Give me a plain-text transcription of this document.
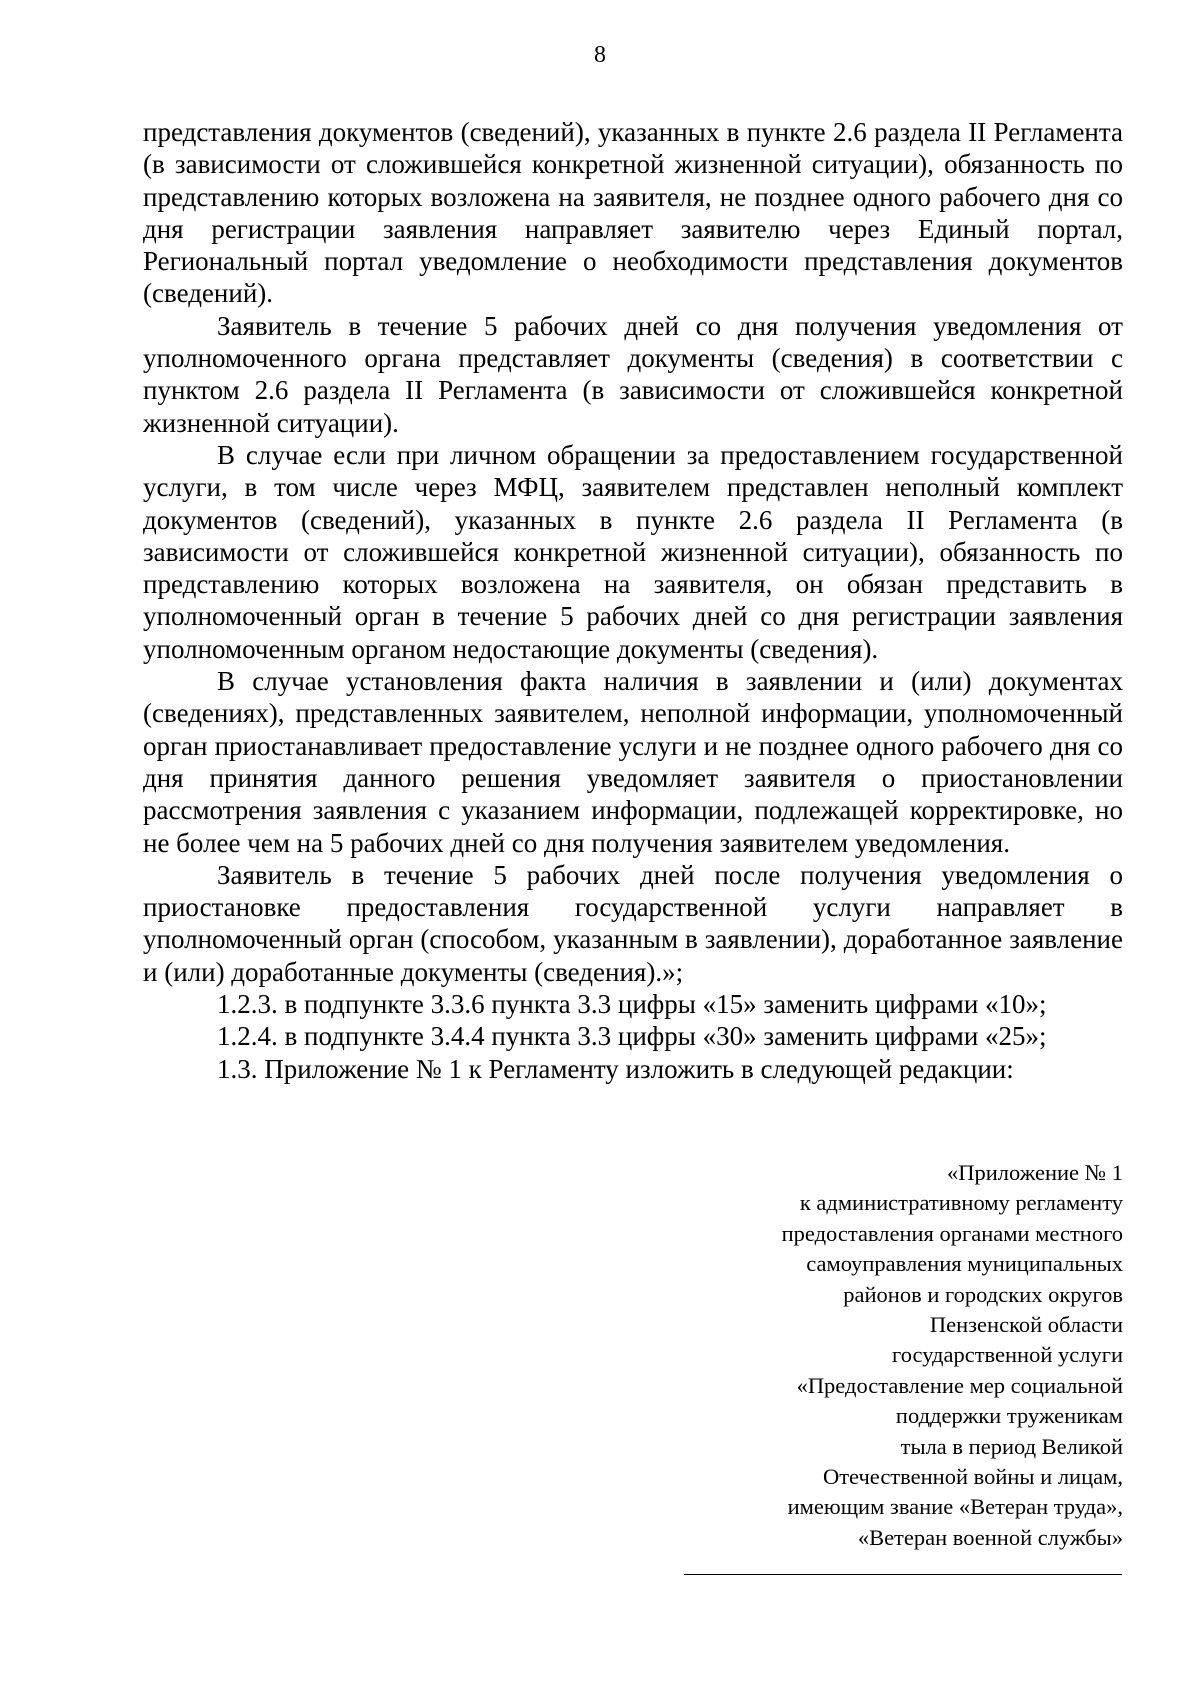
8

представления документов (сведений), указанных в пункте 2.6 раздела II Регламента (в зависимости от сложившейся конкретной жизненной ситуации), обязанность по представлению которых возложена на заявителя, не позднее одного рабочего дня со дня регистрации заявления направляет заявителю через Единый портал, Региональный портал уведомление о необходимости представления документов (сведений).

Заявитель в течение 5 рабочих дней со дня получения уведомления от уполномоченного органа представляет документы (сведения) в соответствии с пунктом 2.6 раздела II Регламента (в зависимости от сложившейся конкретной жизненной ситуации).

В случае если при личном обращении за предоставлением государственной услуги, в том числе через МФЦ, заявителем представлен неполный комплект документов (сведений), указанных в пункте 2.6 раздела II Регламента (в зависимости от сложившейся конкретной жизненной ситуации), обязанность по представлению которых возложена на заявителя, он обязан представить в уполномоченный орган в течение 5 рабочих дней со дня регистрации заявления уполномоченным органом недостающие документы (сведения).

В случае установления факта наличия в заявлении и (или) документах (сведениях), представленных заявителем, неполной информации, уполномоченный орган приостанавливает предоставление услуги и не позднее одного рабочего дня со дня принятия данного решения уведомляет заявителя о приостановлении рассмотрения заявления с указанием информации, подлежащей корректировке, но не более чем на 5 рабочих дней со дня получения заявителем уведомления.

Заявитель в течение 5 рабочих дней после получения уведомления о приостановке предоставления государственной услуги направляет в уполномоченный орган (способом, указанным в заявлении), доработанное заявление и (или) доработанные документы (сведения).»;

1.2.3. в подпункте 3.3.6 пункта 3.3 цифры «15» заменить цифрами «10»;

1.2.4. в подпункте 3.4.4 пункта 3.3 цифры «30» заменить цифрами «25»;

1.3. Приложение № 1 к Регламенту изложить в следующей редакции:

«Приложение № 1
к административному регламенту
предоставления органами местного
самоуправления муниципальных
районов и городских округов
Пензенской области
государственной услуги
«Предоставление мер социальной
поддержки труженикам
тыла в период Великой
Отечественной войны и лицам,
имеющим звание «Ветеран труда»,
«Ветеран военной службы»
